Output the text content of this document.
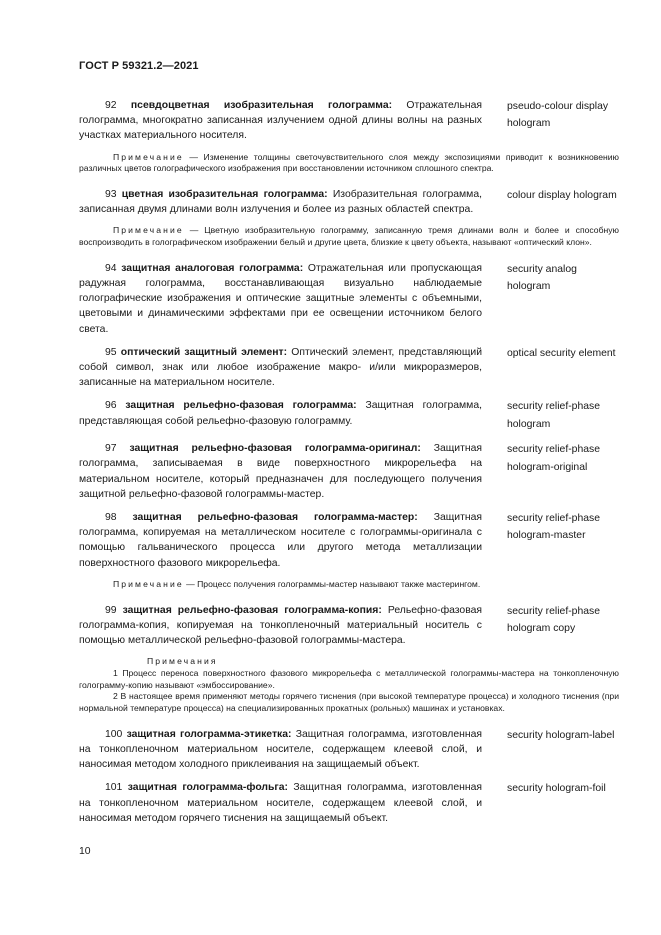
ГОСТ Р 59321.2—2021
92 псевдоцветная изобразительная голограмма: Отражательная голограмма, многократно записанная излучением одной длины волны на разных участках материального носителя.
pseudo-colour display hologram

Примечание — Изменение толщины светочувствительного слоя между экспозициями приводит к возникновению различных цветов голографического изображения при восстановлении источником сплошного спектра.

93 цветная изобразительная голограмма: Изобразительная голограмма, записанная двумя длинами волн излучения и более из разных областей спектра.
colour display hologram

Примечание — Цветную изобразительную голограмму, записанную тремя длинами волн и более и способную воспроизводить в голографическом изображении белый и другие цвета, близкие к цвету объекта, называют «оптический клон».

94 защитная аналоговая голограмма: Отражательная или пропускающая радужная голограмма, восстанавливающая визуально наблюдаемые голографические изображения и оптические защитные элементы с объемными, цветовыми и динамическими эффектами при ее освещении источником белого света.
security analog hologram
95 оптический защитный элемент: Оптический элемент, представляющий собой символ, знак или любое изображение макро- и/или микроразмеров, записанные на материальном носителе.
optical security element
96 защитная рельефно-фазовая голограмма: Защитная голограмма, представляющая собой рельефно-фазовую голограмму.
security relief-phase hologram
97 защитная рельефно-фазовая голограмма-оригинал: Защитная голограмма, записываемая в виде поверхностного микрорельефа на материальном носителе, который предназначен для последующего получения защитной рельефно-фазовой голограммы-мастер.
security relief-phase hologram-original
98 защитная рельефно-фазовая голограмма-мастер: Защитная голограмма, копируемая на металлическом носителе с голограммы-оригинала с помощью гальванического процесса или другого метода металлизации поверхностного фазового микрорельефа.
security relief-phase hologram-master

Примечание — Процесс получения голограммы-мастер называют также мастерингом.

99 защитная рельефно-фазовая голограмма-копия: Рельефно-фазовая голограмма-копия, копируемая на тонкопленочный материальный носитель с помощью металлической рельефно-фазовой голограммы-мастера.
security relief-phase hologram copy

Примечания

1 Процесс переноса поверхностного фазового микрорельефа с металлической голограммы-мастера на тонкопленочную голограмму-копию называют «эмбоссирование».

2 В настоящее время применяют методы горячего тиснения (при высокой температуре процесса) и холодного тиснения (при нормальной температуре процесса) на специализированных прокатных (рольных) машинах и установках.

100 защитная голограмма-этикетка: Защитная голограмма, изготовленная на тонкопленочном материальном носителе, содержащем клеевой слой, и наносимая методом холодного приклеивания на защищаемый объект.
security hologram-label
101 защитная голограмма-фольга: Защитная голограмма, изготовленная на тонкопленочном материальном носителе, содержащем клеевой слой, и наносимая методом горячего тиснения на защищаемый объект.
security hologram-foil
10
